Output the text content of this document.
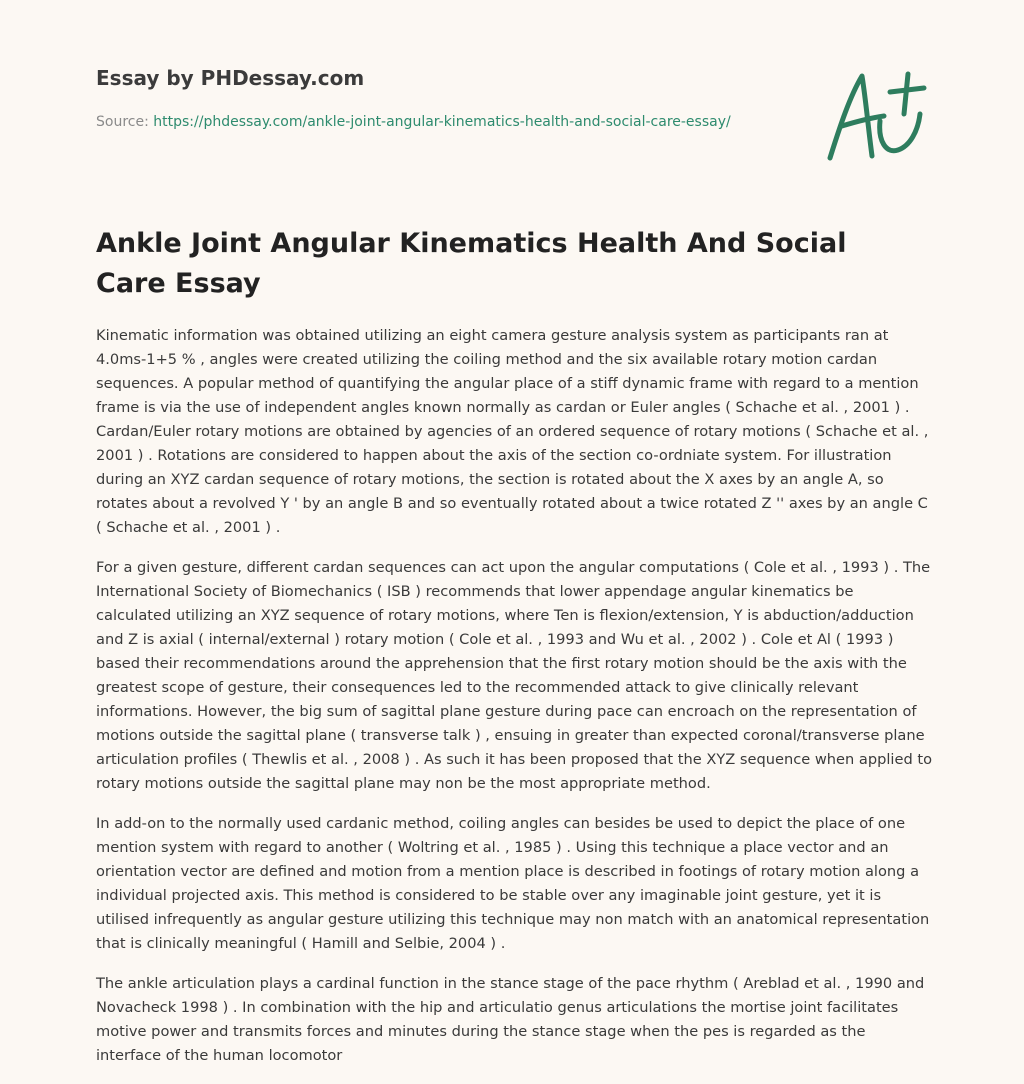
Essay by PHDessay.com
Source: https://phdessay.com/ankle-joint-angular-kinematics-health-and-social-care-essay/
Ankle Joint Angular Kinematics Health And Social Care Essay

Kinematic information was obtained utilizing an eight camera gesture analysis system as participants ran at 4.0ms-1+5 % , angles were created utilizing the coiling method and the six available rotary motion cardan sequences. A popular method of quantifying the angular place of a stiff dynamic frame with regard to a mention frame is via the use of independent angles known normally as cardan or Euler angles ( Schache et al. , 2001 ) . Cardan/Euler rotary motions are obtained by agencies of an ordered sequence of rotary motions ( Schache et al. , 2001 ) . Rotations are considered to happen about the axis of the section co-ordniate system. For illustration during an XYZ cardan sequence of rotary motions, the section is rotated about the X axes by an angle A, so rotates about a revolved Y ' by an angle B and so eventually rotated about a twice rotated Z '' axes by an angle C ( Schache et al. , 2001 ) .

For a given gesture, different cardan sequences can act upon the angular computations ( Cole et al. , 1993 ) . The International Society of Biomechanics ( ISB ) recommends that lower appendage angular kinematics be calculated utilizing an XYZ sequence of rotary motions, where Ten is flexion/extension, Y is abduction/adduction and Z is axial ( internal/external ) rotary motion ( Cole et al. , 1993 and Wu et al. , 2002 ) . Cole et Al ( 1993 ) based their recommendations around the apprehension that the first rotary motion should be the axis with the greatest scope of gesture, their consequences led to the recommended attack to give clinically relevant informations. However, the big sum of sagittal plane gesture during pace can encroach on the representation of motions outside the sagittal plane ( transverse talk ) , ensuing in greater than expected coronal/transverse plane articulation profiles ( Thewlis et al. , 2008 ) . As such it has been proposed that the XYZ sequence when applied to rotary motions outside the sagittal plane may non be the most appropriate method.

In add-on to the normally used cardanic method, coiling angles can besides be used to depict the place of one mention system with regard to another ( Woltring et al. , 1985 ) . Using this technique a place vector and an orientation vector are defined and motion from a mention place is described in footings of rotary motion along a individual projected axis. This method is considered to be stable over any imaginable joint gesture, yet it is utilised infrequently as angular gesture utilizing this technique may non match with an anatomical representation that is clinically meaningful ( Hamill and Selbie, 2004 ) .

The ankle articulation plays a cardinal function in the stance stage of the pace rhythm ( Areblad et al. , 1990 and Novacheck 1998 ) . In combination with the hip and articulatio genus articulations the mortise joint facilitates motive power and transmits forces and minutes during the stance stage when the pes is regarded as the interface of the human locomotor
